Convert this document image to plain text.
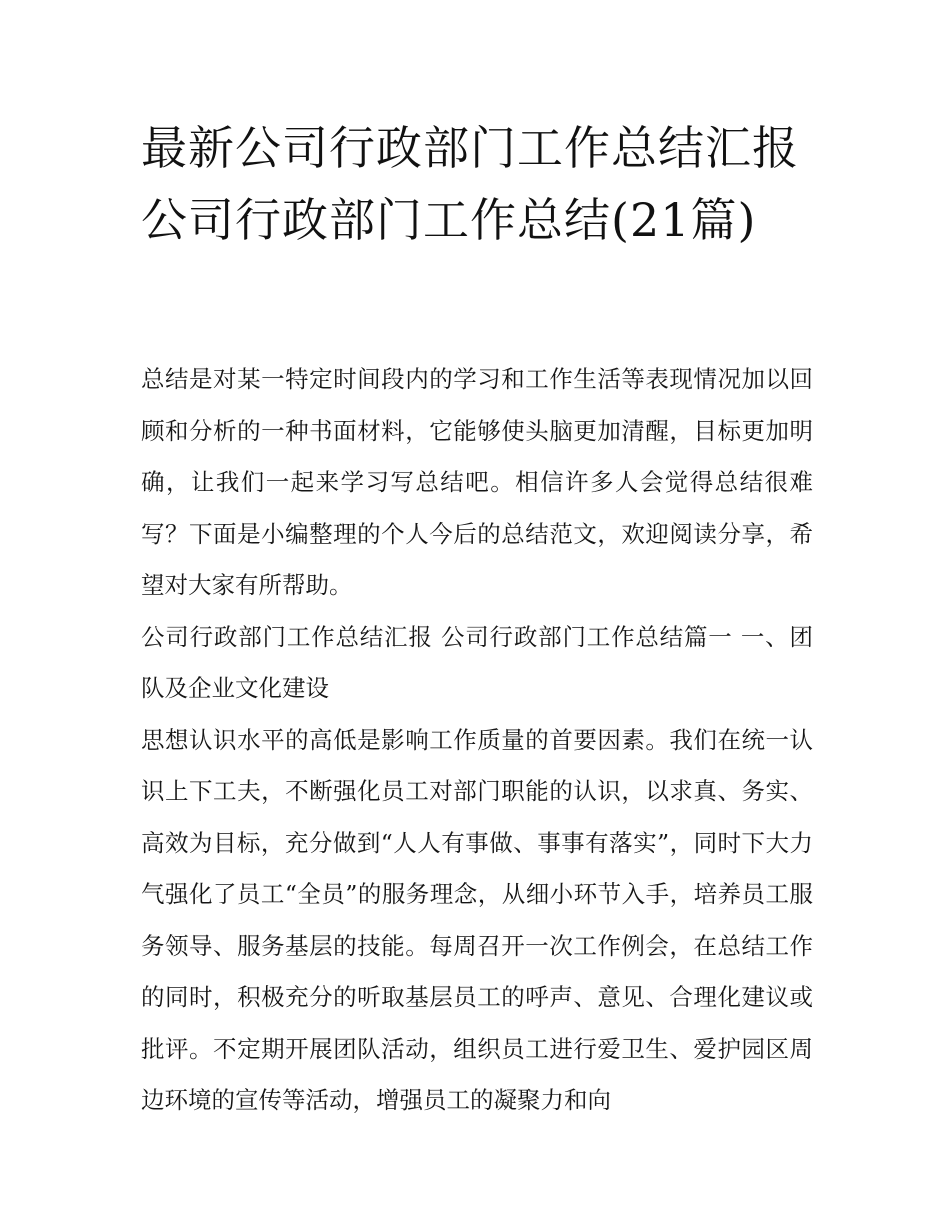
最新公司行政部门工作总结汇报 公司行政部门工作总结(21篇)

总结是对某一特定时间段内的学习和工作生活等表现情况加以回顾和分析的一种书面材料，它能够使头脑更加清醒，目标更加明确，让我们一起来学习写总结吧。相信许多人会觉得总结很难写？下面是小编整理的个人今后的总结范文，欢迎阅读分享，希望对大家有所帮助。

公司行政部门工作总结汇报 公司行政部门工作总结篇一 一、团队及企业文化建设

思想认识水平的高低是影响工作质量的首要因素。我们在统一认识上下工夫，不断强化员工对部门职能的认识，以求真、务实、高效为目标，充分做到“人人有事做、事事有落实”，同时下大力气强化了员工“全员”的服务理念，从细小环节入手，培养员工服务领导、服务基层的技能。每周召开一次工作例会，在总结工作的同时，积极充分的听取基层员工的呼声、意见、合理化建议或批评。不定期开展团队活动，组织员工进行爱卫生、爱护园区周边环境的宣传等活动，增强员工的凝聚力和向
